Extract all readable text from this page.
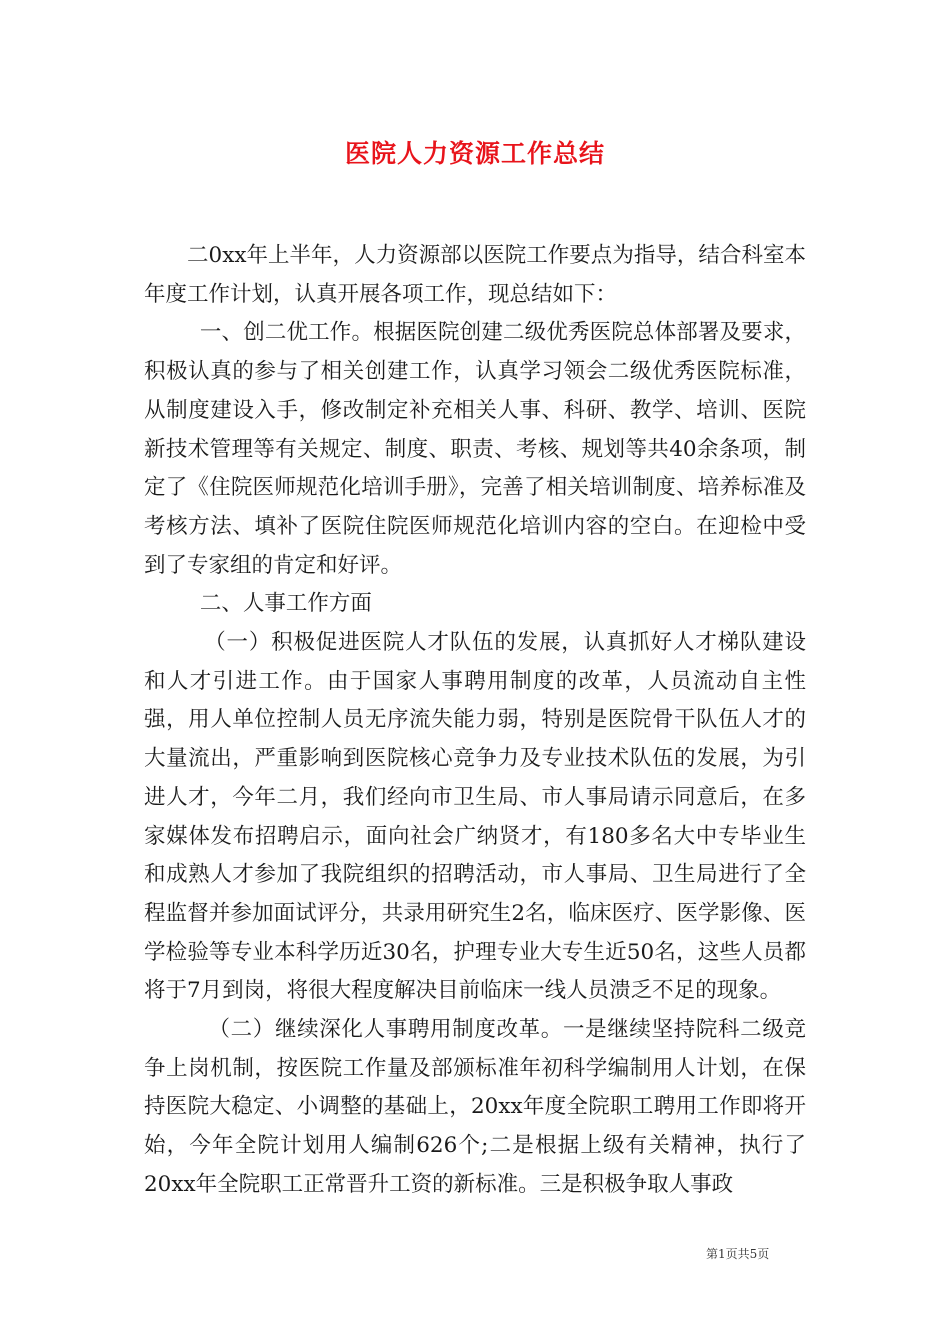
医院人力资源工作总结

二0xx年上半年，人力资源部以医院工作要点为指导，结合科室本年度工作计划，认真开展各项工作，现总结如下：

一、创二优工作。根据医院创建二级优秀医院总体部署及要求，积极认真的参与了相关创建工作，认真学习领会二级优秀医院标准，从制度建设入手，修改制定补充相关人事、科研、教学、培训、医院新技术管理等有关规定、制度、职责、考核、规划等共40余条项，制定了《住院医师规范化培训手册》，完善了相关培训制度、培养标准及考核方法、填补了医院住院医师规范化培训内容的空白。在迎检中受到了专家组的肯定和好评。

二、人事工作方面

（一）积极促进医院人才队伍的发展，认真抓好人才梯队建设和人才引进工作。由于国家人事聘用制度的改革，人员流动自主性强，用人单位控制人员无序流失能力弱，特别是医院骨干队伍人才的大量流出，严重影响到医院核心竞争力及专业技术队伍的发展，为引进人才，今年二月，我们经向市卫生局、市人事局请示同意后，在多家媒体发布招聘启示，面向社会广纳贤才，有180多名大中专毕业生和成熟人才参加了我院组织的招聘活动，市人事局、卫生局进行了全程监督并参加面试评分，共录用研究生2名，临床医疗、医学影像、医学检验等专业本科学历近30名，护理专业大专生近50名，这些人员都将于7月到岗，将很大程度解决目前临床一线人员溃乏不足的现象。

（二）继续深化人事聘用制度改革。一是继续坚持院科二级竞争上岗机制，按医院工作量及部颁标准年初科学编制用人计划，在保持医院大稳定、小调整的基础上，20xx年度全院职工聘用工作即将开始，今年全院计划用人编制626个;二是根据上级有关精神，执行了20xx年全院职工正常晋升工资的新标准。三是积极争取人事政

第1页共5页
